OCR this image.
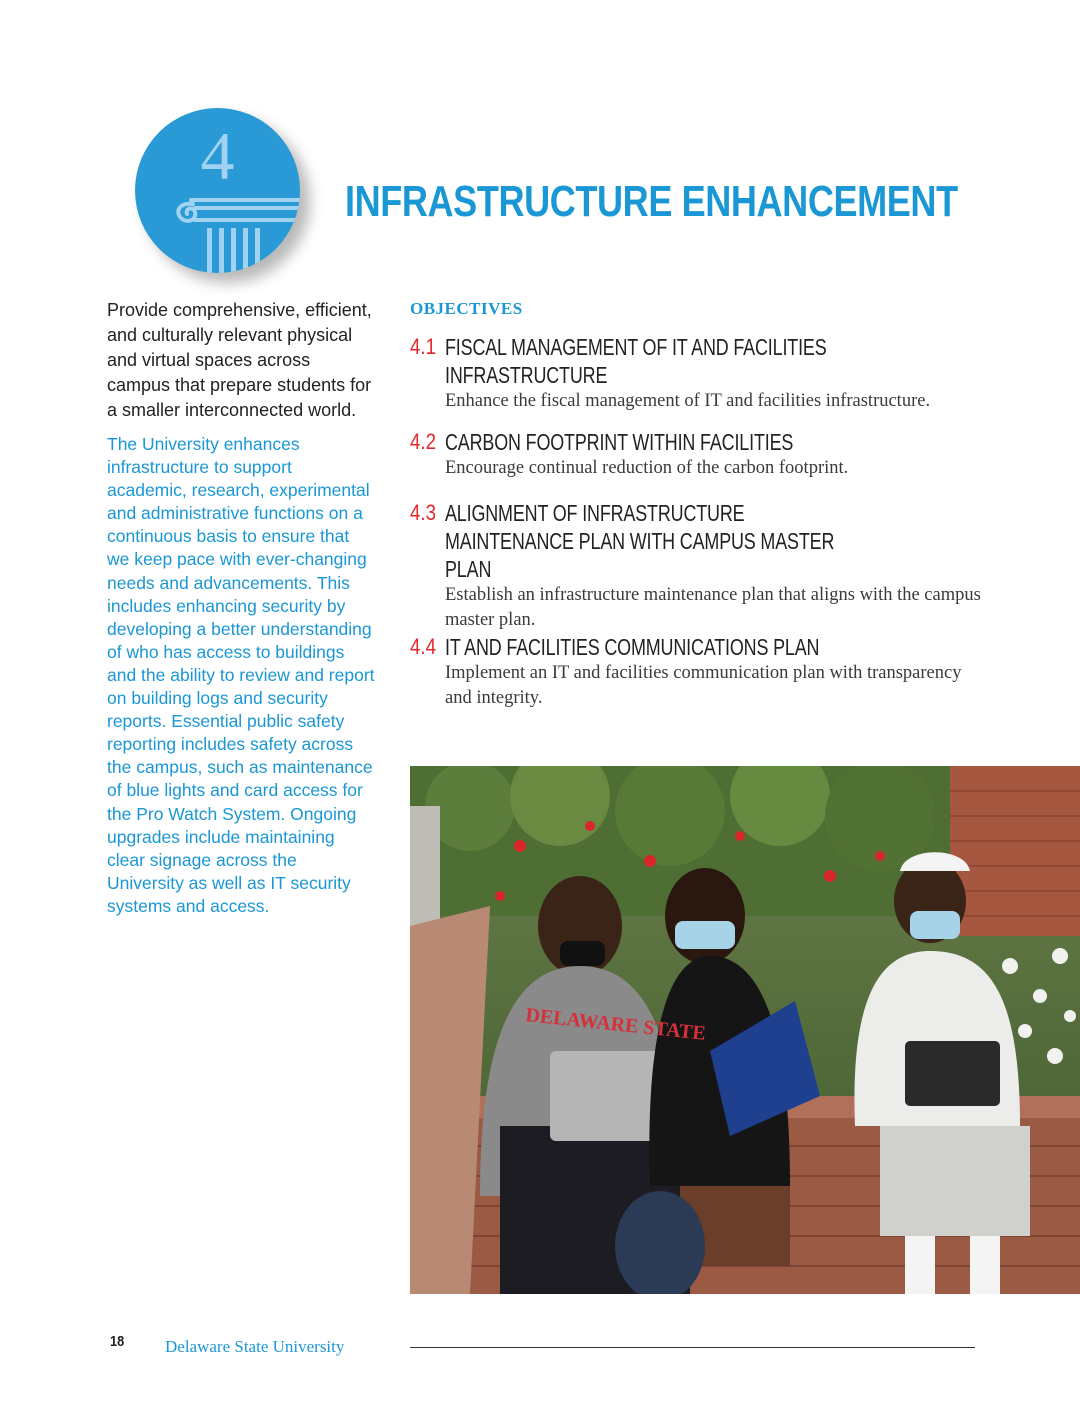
4
INFRASTRUCTURE ENHANCEMENT

Provide comprehensive, efficient, and culturally relevant physical and virtual spaces across campus that prepare students for a smaller interconnected world.

The University enhances infrastructure to support academic, research, experimental and administrative functions on a continuous basis to ensure that we keep pace with ever-changing needs and advancements. This includes enhancing security by developing a better understanding of who has access to buildings and the ability to review and report on building logs and security reports. Essential public safety reporting includes safety across the campus, such as maintenance of blue lights and card access for the Pro Watch System. Ongoing upgrades include maintaining clear signage across the University as well as IT security systems and access.

OBJECTIVES
4.1 FISCAL MANAGEMENT OF IT AND FACILITIES INFRASTRUCTURE
Enhance the fiscal management of IT and facilities infrastructure.
4.2 CARBON FOOTPRINT WITHIN FACILITIES
Encourage continual reduction of the carbon footprint.
4.3 ALIGNMENT OF INFRASTRUCTURE MAINTENANCE PLAN WITH CAMPUS MASTER PLAN
Establish an infrastructure maintenance plan that aligns with the campus master plan.
4.4 IT AND FACILITIES COMMUNICATIONS PLAN
Implement an IT and facilities communication plan with transparency and integrity.
DELAWARE STATE
18 Delaware State University
